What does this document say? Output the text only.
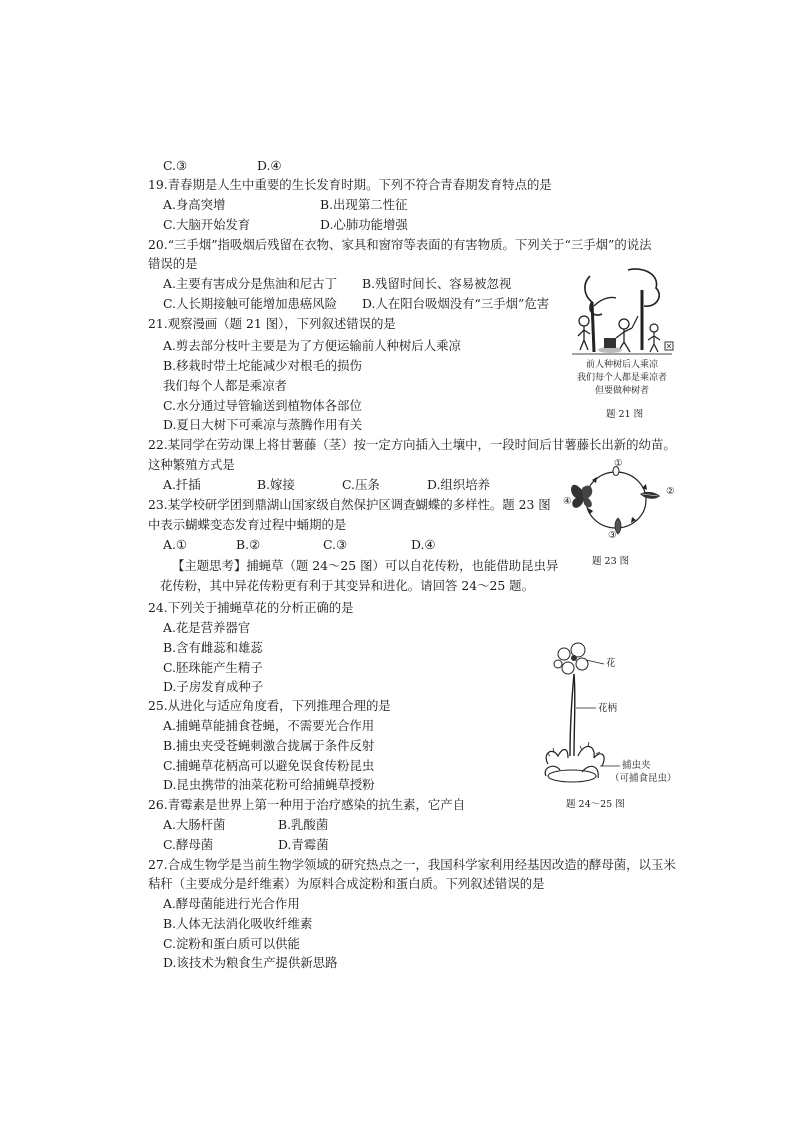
C.③	D.④
19.青春期是人生中重要的生长发育时期。下列不符合青春期发育特点的是
A.身高突增	B.出现第二性征
C.大脑开始发育	D.心肺功能增强
20.“三手烟”指吸烟后残留在衣物、家具和窗帘等表面的有害物质。下列关于“三手烟”的说法
错误的是
A.主要有害成分是焦油和尼古丁 B.残留时间长、容易被忽视
C.人长期接触可能增加患癌风险 D.人在阳台吸烟没有“三手烟”危害
21.观察漫画（题 21 图），下列叙述错误的是
A.剪去部分枝叶主要是为了方便运输前人种树后人乘凉
B.移栽时带土坨能减少对根毛的损伤
我们每个人都是乘凉者
C.水分通过导管输送到植物体各部位
D.夏日大树下可乘凉与蒸腾作用有关
前人种树后人乘凉
我们每个人都是乘凉者
但要做种树者
题 21 图
22.某同学在劳动课上将甘薯藤（茎）按一定方向插入土壤中，一段时间后甘薯藤长出新的幼苗。
这种繁殖方式是
A.扦插	B.嫁接	C.压条	D.组织培养
23.某学校研学团到鼎湖山国家级自然保护区调查蝴蝶的多样性。题 23 图
中表示蝴蝶变态发育过程中蛹期的是
A.①	B.②	C.③	D.④
①
②
③
④
题 23 图
【主题思考】捕蝇草（题 24～25 图）可以自花传粉，也能借助昆虫异
花传粉，其中异花传粉更有利于其变异和进化。请回答 24～25 题。
24.下列关于捕蝇草花的分析正确的是
A.花是营养器官
B.含有雌蕊和雄蕊
C.胚珠能产生精子
D.子房发育成种子
25.从进化与适应角度看，下列推理合理的是
A.捕蝇草能捕食苍蝇，不需要光合作用
B.捕虫夹受苍蝇刺激合拢属于条件反射
C.捕蝇草花柄高可以避免误食传粉昆虫
D.昆虫携带的油菜花粉可给捕蝇草授粉
花
花柄
捕虫夹
（可捕食昆虫）
题 24～25 图
26.青霉素是世界上第一种用于治疗感染的抗生素，它产自
A.大肠杆菌	B.乳酸菌
C.酵母菌	D.青霉菌
27.合成生物学是当前生物学领域的研究热点之一，我国科学家利用经基因改造的酵母菌，以玉米
秸秆（主要成分是纤维素）为原料合成淀粉和蛋白质。下列叙述错误的是
A.酵母菌能进行光合作用
B.人体无法消化吸收纤维素
C.淀粉和蛋白质可以供能
D.该技术为粮食生产提供新思路
